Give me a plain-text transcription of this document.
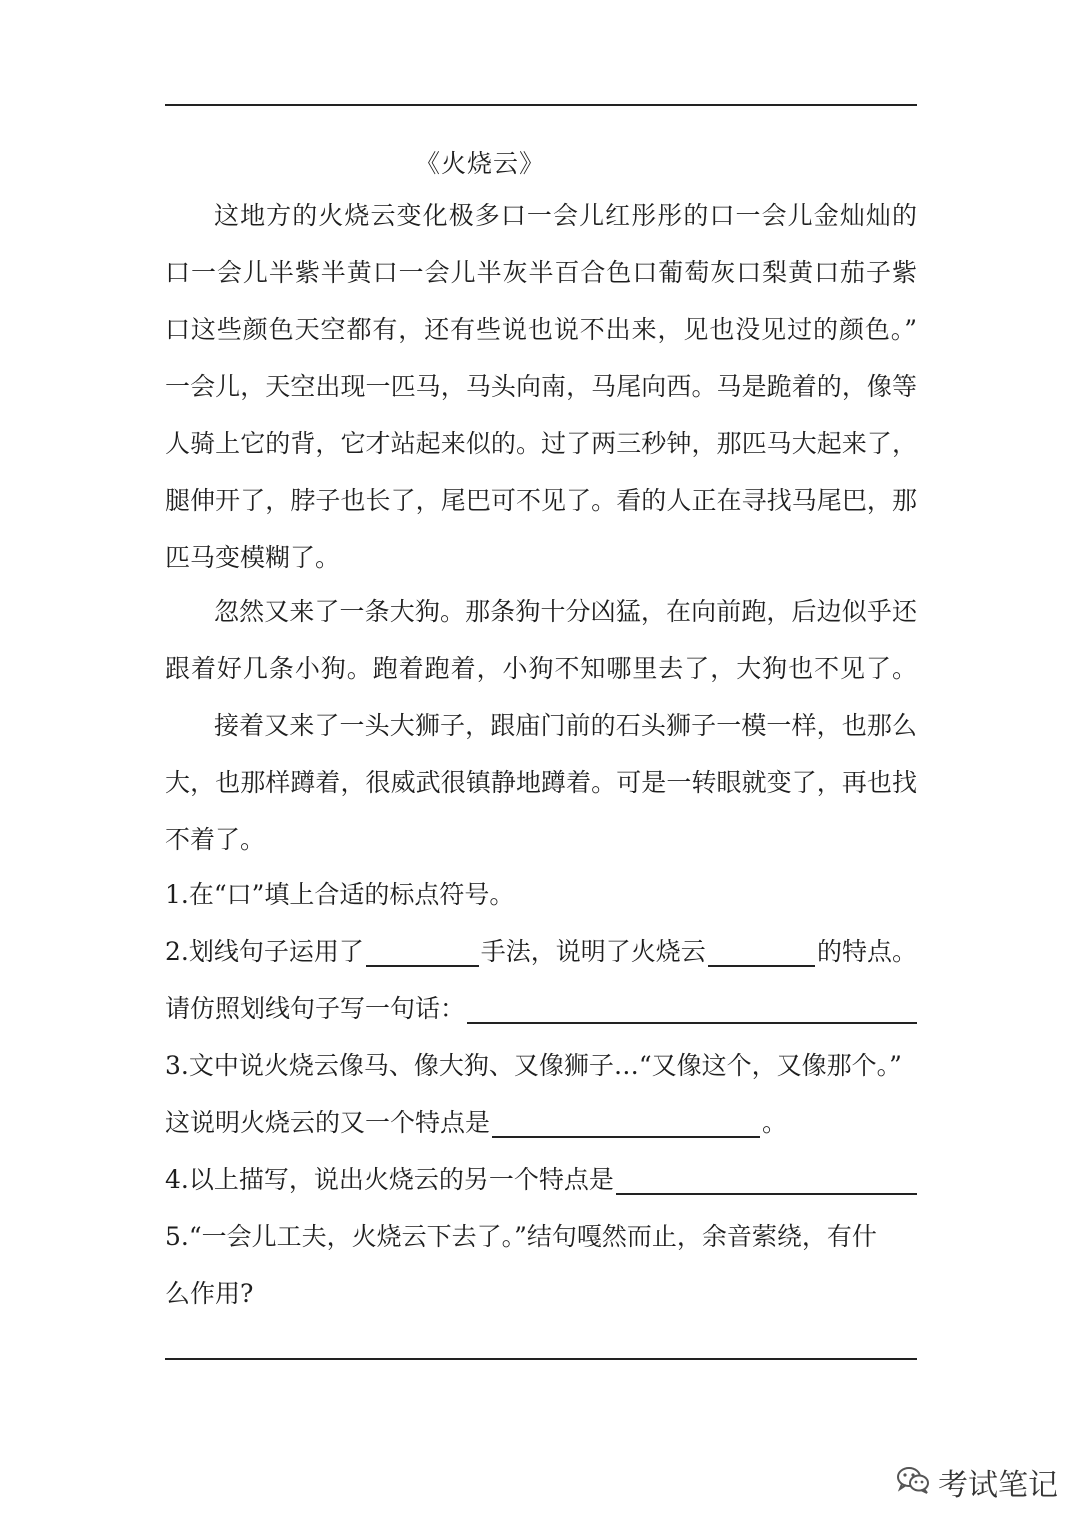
《火烧云》
这地方的火烧云变化极多口一会儿红彤彤的口一会儿金灿灿的
口一会儿半紫半黄口一会儿半灰半百合色口葡萄灰口梨黄口茄子紫
口这些颜色天空都有，还有些说也说不出来，见也没见过的颜色。”
一会儿，天空出现一匹马，马头向南，马尾向西。马是跪着的，像等
人骑上它的背，它才站起来似的。过了两三秒钟，那匹马大起来了，
腿伸开了，脖子也长了，尾巴可不见了。看的人正在寻找马尾巴，那
匹马变模糊了。
忽然又来了一条大狗。那条狗十分凶猛，在向前跑，后边似乎还
跟着好几条小狗。跑着跑着，小狗不知哪里去了，大狗也不见了。
接着又来了一头大狮子，跟庙门前的石头狮子一模一样，也那么
大，也那样蹲着，很威武很镇静地蹲着。可是一转眼就变了，再也找
不着了。
1.在“口”填上合适的标点符号。
2.划线句子运用了	手法，说明了火烧云	的特点。
请仿照划线句子写一句话：
3.文中说火烧云像马、像大狗、又像狮子…“又像这个，又像那个。”
这说明火烧云的又一个特点是	。
4.以上描写，说出火烧云的另一个特点是
5.“一会儿工夫，火烧云下去了。”结句嘎然而止，余音萦绕，有什
么作用?
考试笔记
